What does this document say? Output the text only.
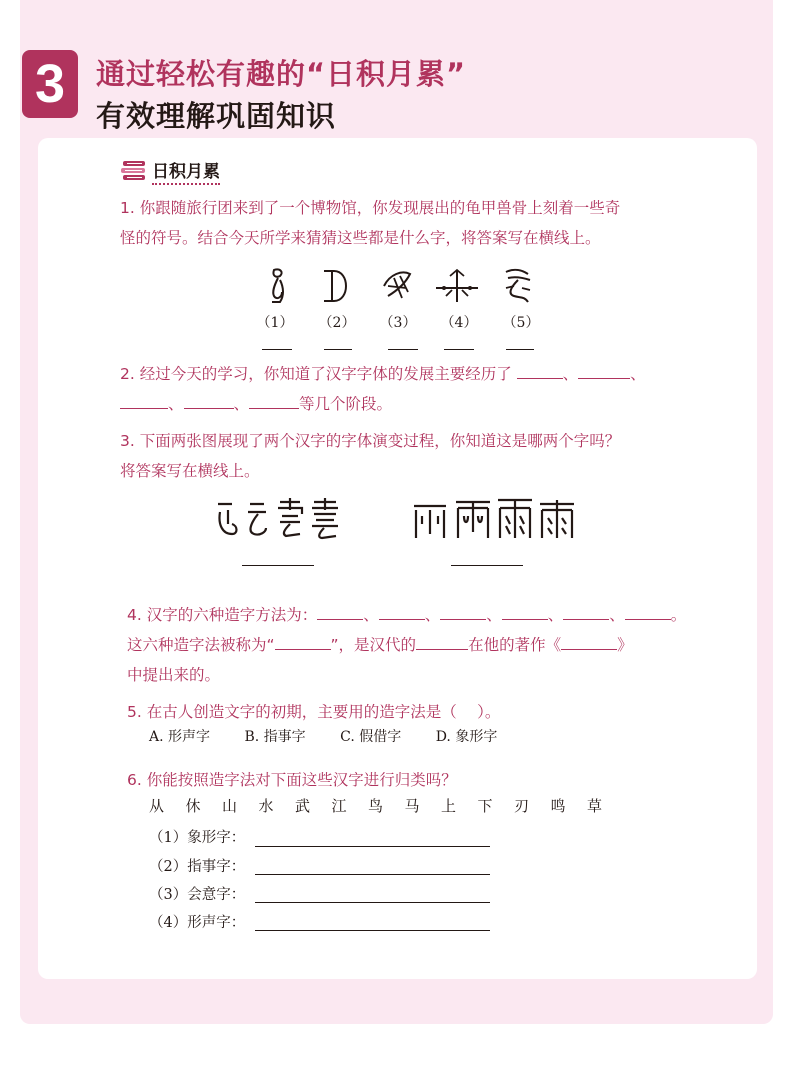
3	通过轻松有趣的“日积月累”
有效理解巩固知识
日积月累
1. 你跟随旅行团来到了一个博物馆，你发现展出的龟甲兽骨上刻着一些奇
怪的符号。结合今天所学来猜猜这些都是什么字，将答案写在横线上。
（1）	（2）	（3）	（4）	（5）
2. 经过今天的学习，你知道了汉字字体的发展主要经历了	、	、
、	、	等几个阶段。
3. 下面两张图展现了两个汉字的字体演变过程，你知道这是哪两个字吗？
将答案写在横线上。
4. 汉字的六种造字方法为：	、	、	、	、	、	。
这六种造字法被称为“	”，是汉代的	在他的著作《	》
中提出来的。
5. 在古人创造文字的初期，主要用的造字法是（　 ）。
A. 形声字 B. 指事字 C. 假借字 D. 象形字
6. 你能按照造字法对下面这些汉字进行归类吗？
从 休 山 水 武 江 鸟 马 上 下 刃 鸣 草
（1）象形字：
（2）指事字：
（3）会意字：
（4）形声字：
